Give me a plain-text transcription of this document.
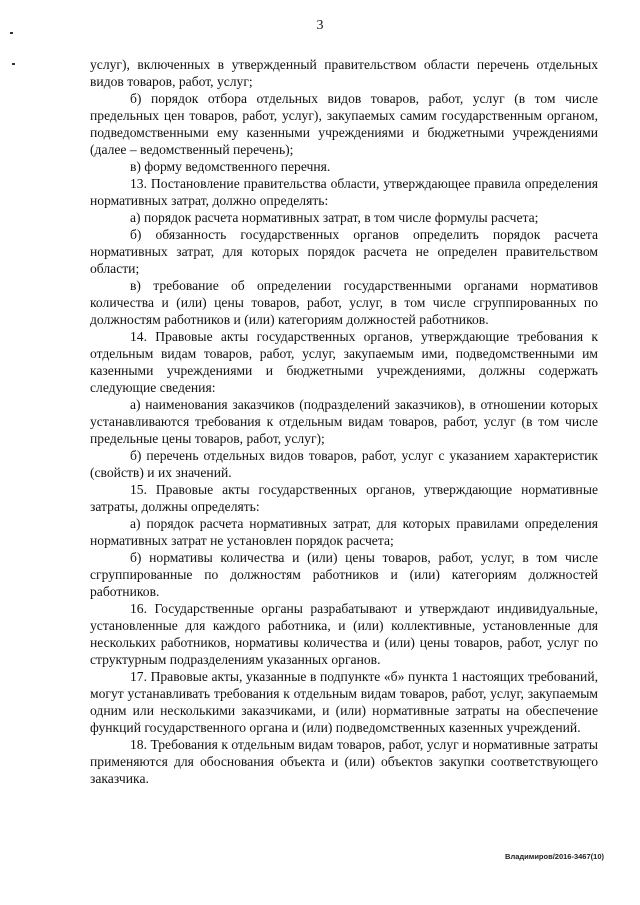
3

услуг), включенных в утвержденный правительством области перечень отдельных видов товаров, работ, услуг;

б) порядок отбора отдельных видов товаров, работ, услуг (в том числе предельных цен товаров, работ, услуг), закупаемых самим государственным органом, подведомственными ему казенными учреждениями и бюджетными учреждениями (далее – ведомственный перечень);

в) форму ведомственного перечня.

13. Постановление правительства области, утверждающее правила определения нормативных затрат, должно определять:

а) порядок расчета нормативных затрат, в том числе формулы расчета;

б) обязанность государственных органов определить порядок расчета нормативных затрат, для которых порядок расчета не определен правительством области;

в) требование об определении государственными органами нормативов количества и (или) цены товаров, работ, услуг, в том числе сгруппированных по должностям работников и (или) категориям должностей работников.

14. Правовые акты государственных органов, утверждающие требования к отдельным видам товаров, работ, услуг, закупаемым ими, подведомственными им казенными учреждениями и бюджетными учреждениями, должны содержать следующие сведения:

а) наименования заказчиков (подразделений заказчиков), в отношении которых устанавливаются требования к отдельным видам товаров, работ, услуг (в том числе предельные цены товаров, работ, услуг);

б) перечень отдельных видов товаров, работ, услуг с указанием характеристик (свойств) и их значений.

15. Правовые акты государственных органов, утверждающие нормативные затраты, должны определять:

а) порядок расчета нормативных затрат, для которых правилами определения нормативных затрат не установлен порядок расчета;

б) нормативы количества и (или) цены товаров, работ, услуг, в том числе сгруппированные по должностям работников и (или) категориям должностей работников.

16. Государственные органы разрабатывают и утверждают индивидуальные, установленные для каждого работника, и (или) коллективные, установленные для нескольких работников, нормативы количества и (или) цены товаров, работ, услуг по структурным подразделениям указанных органов.

17. Правовые акты, указанные в подпункте «б» пункта 1 настоящих требований, могут устанавливать требования к отдельным видам товаров, работ, услуг, закупаемым одним или несколькими заказчиками, и (или) нормативные затраты на обеспечение функций государственного органа и (или) подведомственных казенных учреждений.

18. Требования к отдельным видам товаров, работ, услуг и нормативные затраты применяются для обоснования объекта и (или) объектов закупки соответствующего заказчика.

Владимиров/2016-3467(10)
